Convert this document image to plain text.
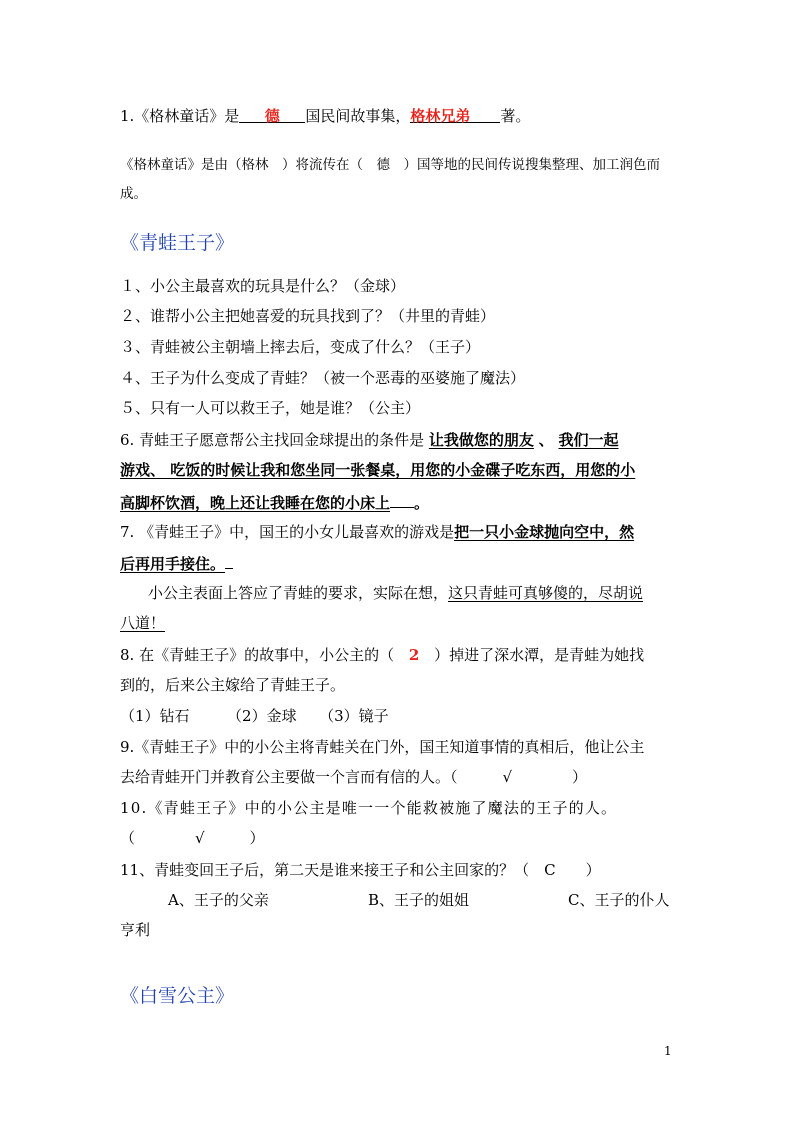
1.《格林童话》是 德 国民间故事集，格林兄弟 著。
《格林童话》是由（格林　）将流传在（　德　）国等地的民间传说搜集整理、加工润色而
成。
《青蛙王子》
１、小公主最喜欢的玩具是什么？（金球）
２、谁帮小公主把她喜爱的玩具找到了？（井里的青蛙）
３、青蛙被公主朝墙上摔去后，变成了什么？（王子）
４、王子为什么变成了青蛙？（被一个恶毒的巫婆施了魔法）
５、只有一人可以救王子，她是谁？（公主）
6. 青蛙王子愿意帮公主找回金球提出的条件是 让我做您的朋友 、 我们一起
游戏、 吃饭的时候让我和您坐同一张餐桌，用您的小金碟子吃东西，用您的小
高脚杯饮酒，晚上还让我睡在您的小床上 。
7. 《青蛙王子》中，国王的小女儿最喜欢的游戏是把一只小金球抛向空中，然
后再用手接住。
小公主表面上答应了青蛙的要求，实际在想，这只青蛙可真够傻的，尽胡说
八道！
8. 在《青蛙王子》的故事中，小公主的（ 2 ）掉进了深水潭，是青蛙为她找
到的，后来公主嫁给了青蛙王子。
（1）钻石　　　（2）金球　　（3）镜子
9.《青蛙王子》中的小公主将青蛙关在门外，国王知道事情的真相后，他让公主
去给青蛙开门并教育公主要做一个言而有信的人。（　　　√　　　　）
10.《青蛙王子》中的小公主是唯一一个能救被施了魔法的王子的人。
（　　　　√　　　）
11、青蛙变回王子后，第二天是谁来接王子和公主回家的？（　C　　）
A、王子的父亲	B、王子的姐姐	C、王子的仆人
亨利
《白雪公主》
1
